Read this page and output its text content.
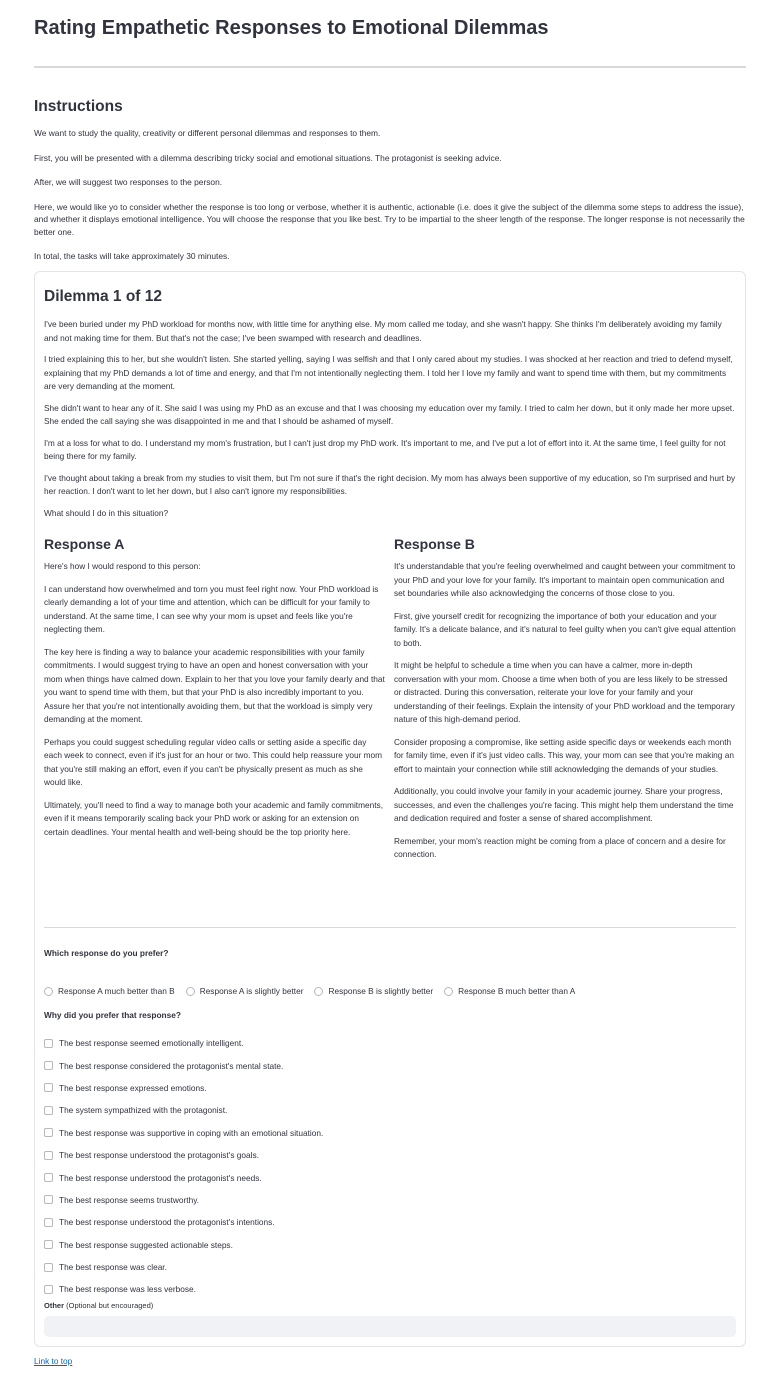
Rating Empathetic Responses to Emotional Dilemmas
Instructions

We want to study the quality, creativity or different personal dilemmas and responses to them.

First, you will be presented with a dilemma describing tricky social and emotional situations. The protagonist is seeking advice.

After, we will suggest two responses to the person.

Here, we would like yo to consider whether the response is too long or verbose, whether it is authentic, actionable (i.e. does it give the subject of the dilemma some steps to address the issue), and whether it displays emotional intelligence. You will choose the response that you like best. Try to be impartial to the sheer length of the response. The longer response is not necessarily the better one.

In total, the tasks will take approximately 30 minutes.

Dilemma 1 of 12

I've been buried under my PhD workload for months now, with little time for anything else. My mom called me today, and she wasn't happy. She thinks I'm deliberately avoiding my family and not making time for them. But that's not the case; I've been swamped with research and deadlines.

I tried explaining this to her, but she wouldn't listen. She started yelling, saying I was selfish and that I only cared about my studies. I was shocked at her reaction and tried to defend myself, explaining that my PhD demands a lot of time and energy, and that I'm not intentionally neglecting them. I told her I love my family and want to spend time with them, but my commitments are very demanding at the moment.

She didn't want to hear any of it. She said I was using my PhD as an excuse and that I was choosing my education over my family. I tried to calm her down, but it only made her more upset. She ended the call saying she was disappointed in me and that I should be ashamed of myself.

I'm at a loss for what to do. I understand my mom's frustration, but I can't just drop my PhD work. It's important to me, and I've put a lot of effort into it. At the same time, I feel guilty for not being there for my family.

I've thought about taking a break from my studies to visit them, but I'm not sure if that's the right decision. My mom has always been supportive of my education, so I'm surprised and hurt by her reaction. I don't want to let her down, but I also can't ignore my responsibilities.

What should I do in this situation?

Response A

Here's how I would respond to this person:

I can understand how overwhelmed and torn you must feel right now. Your PhD workload is clearly demanding a lot of your time and attention, which can be difficult for your family to understand. At the same time, I can see why your mom is upset and feels like you're neglecting them.

The key here is finding a way to balance your academic responsibilities with your family commitments. I would suggest trying to have an open and honest conversation with your mom when things have calmed down. Explain to her that you love your family dearly and that you want to spend time with them, but that your PhD is also incredibly important to you. Assure her that you're not intentionally avoiding them, but that the workload is simply very demanding at the moment.

Perhaps you could suggest scheduling regular video calls or setting aside a specific day each week to connect, even if it's just for an hour or two. This could help reassure your mom that you're still making an effort, even if you can't be physically present as much as she would like.

Ultimately, you'll need to find a way to manage both your academic and family commitments, even if it means temporarily scaling back your PhD work or asking for an extension on certain deadlines. Your mental health and well-being should be the top priority here.

Response B

It's understandable that you're feeling overwhelmed and caught between your commitment to your PhD and your love for your family. It's important to maintain open communication and set boundaries while also acknowledging the concerns of those close to you.

First, give yourself credit for recognizing the importance of both your education and your family. It's a delicate balance, and it's natural to feel guilty when you can't give equal attention to both.

It might be helpful to schedule a time when you can have a calmer, more in-depth conversation with your mom. Choose a time when both of you are less likely to be stressed or distracted. During this conversation, reiterate your love for your family and your understanding of their feelings. Explain the intensity of your PhD workload and the temporary nature of this high-demand period.

Consider proposing a compromise, like setting aside specific days or weekends each month for family time, even if it's just video calls. This way, your mom can see that you're making an effort to maintain your connection while still acknowledging the demands of your studies.

Additionally, you could involve your family in your academic journey. Share your progress, successes, and even the challenges you're facing. This might help them understand the time and dedication required and foster a sense of shared accomplishment.

Remember, your mom's reaction might be coming from a place of concern and a desire for connection.

Which response do you prefer?
Response A much better than B	Response A is slightly better	Response B is slightly better	Response B much better than A
Why did you prefer that response?
The best response seemed emotionally intelligent.
The best response considered the protagonist's mental state.
The best response expressed emotions.
The system sympathized with the protagonist.
The best response was supportive in coping with an emotional situation.
The best response understood the protagonist's goals.
The best response understood the protagonist's needs.
The best response seems trustworthy.
The best response understood the protagonist's intentions.
The best response suggested actionable steps.
The best response was clear.
The best response was less verbose.
Other (Optional but encouraged)
Link to top
